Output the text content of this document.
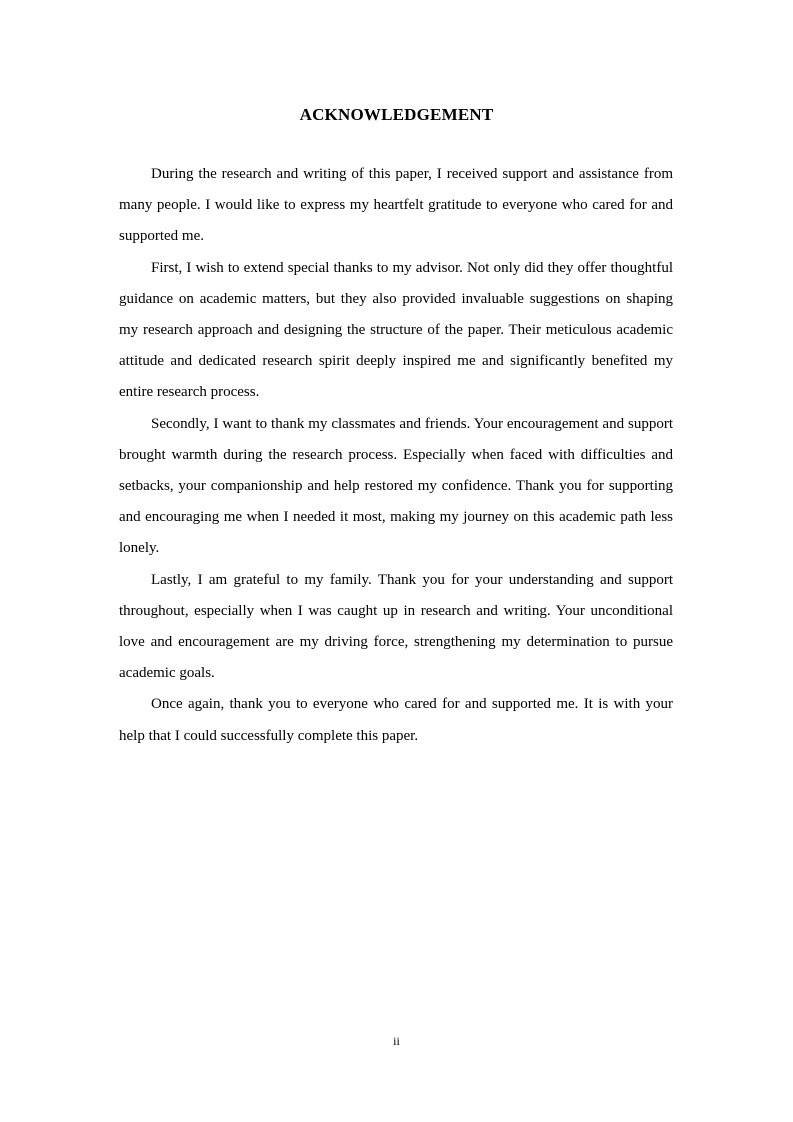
ACKNOWLEDGEMENT

During the research and writing of this paper, I received support and assistance from many people. I would like to express my heartfelt gratitude to everyone who cared for and supported me.

First, I wish to extend special thanks to my advisor. Not only did they offer thoughtful guidance on academic matters, but they also provided invaluable suggestions on shaping my research approach and designing the structure of the paper. Their meticulous academic attitude and dedicated research spirit deeply inspired me and significantly benefited my entire research process.

Secondly, I want to thank my classmates and friends. Your encouragement and support brought warmth during the research process. Especially when faced with difficulties and setbacks, your companionship and help restored my confidence. Thank you for supporting and encouraging me when I needed it most, making my journey on this academic path less lonely.

Lastly, I am grateful to my family. Thank you for your understanding and support throughout, especially when I was caught up in research and writing. Your unconditional love and encouragement are my driving force, strengthening my determination to pursue academic goals.

Once again, thank you to everyone who cared for and supported me. It is with your help that I could successfully complete this paper.

ii
